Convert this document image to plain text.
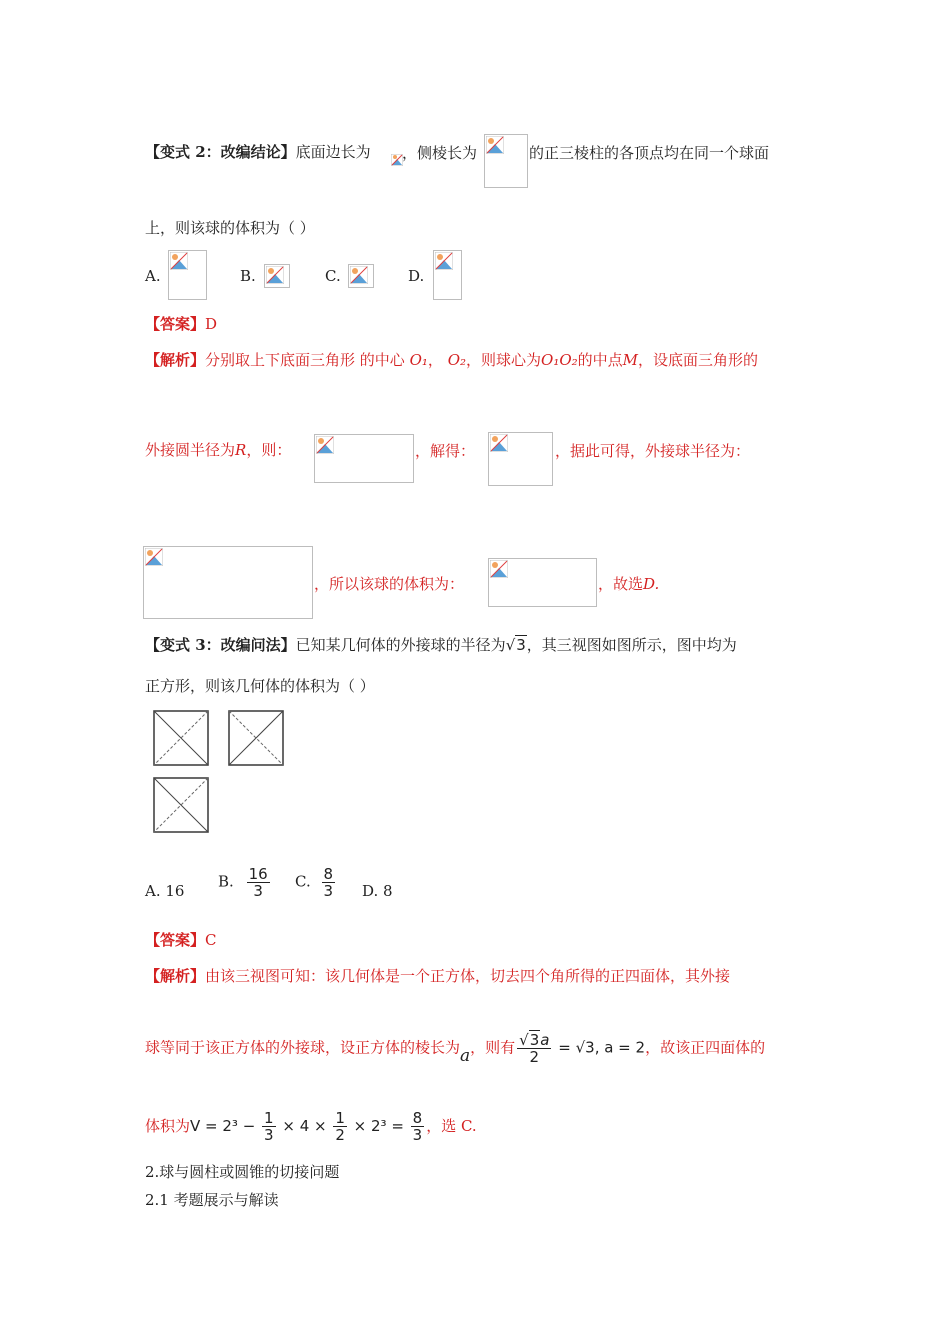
【变式 2：改编结论】底面边长为 ，侧棱长为	的正三棱柱的各顶点均在同一个球面
上，则该球的体积为（ ）
A.	B.	C.	D.
【答案】D
【解析】分别取上下底面三角形 的中心 O₁， O₂，则球心为O₁O₂的中点M，设底面三角形的
外接圆半径为R，则：	，解得：	，据此可得，外接球半径为：
，所以该球的体积为：	，故选D.
【变式 3：改编问法】已知某几何体的外接球的半径为√3，其三视图如图所示，图中均为
正方形，则该几何体的体积为（ ）
A. 16
B. $\frac{16}{3} C$. $\frac{8}{3} D$. 8
【答案】C
【解析】由该三视图可知：该几何体是一个正方体，切去四个角所得的正四面体，其外接
球等同于该正方体的外接球，设正方体的棱长为a，则有 $\frac{√3a}{2} = √3$, a = 2，故该正四面体的
体积为$V = 2^3 - \frac{1}{3} \times 4 \times \frac{1}{2} \times 2^3 = \frac{8}{3}$ ，选 C.
2.球与圆柱或圆锥的切接问题
2.1 考题展示与解读
